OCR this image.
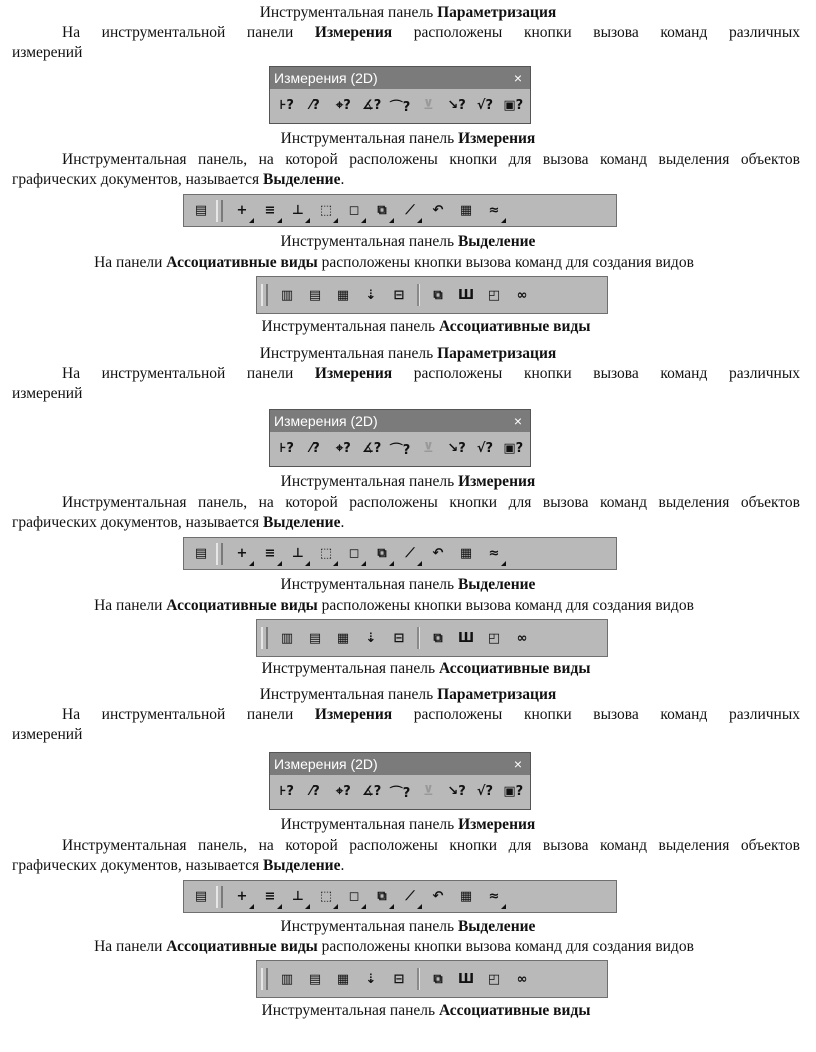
Инструментальная панель Параметризация
На инструментальной панели Измерения расположены кнопки вызова команд различных
измерений
Измерения (2D)	×
⊦?	⁄?	⌖? ∡? ⌒? ⊻	↘? √? ▣?
Инструментальная панель Измерения
Инструментальная панель, на которой расположены кнопки для вызова команд выделения объектов
графических документов, называется Выделение.
▤	+	≡	⊥	⬚	◻	⧉	⟋	↶	▦	≈
Инструментальная панель Выделение
На панели Ассоциативные виды расположены кнопки вызова команд для создания видов
▥	▤	▦	⇣	⊟	⧉	Ш	◰	∞
Инструментальная панель Ассоциативные виды
Инструментальная панель Параметризация
На инструментальной панели Измерения расположены кнопки вызова команд различных
измерений
Измерения (2D)	×
⊦?	⁄?	⌖? ∡? ⌒? ⊻	↘? √? ▣?
Инструментальная панель Измерения
Инструментальная панель, на которой расположены кнопки для вызова команд выделения объектов
графических документов, называется Выделение.
▤	+	≡	⊥	⬚	◻	⧉	⟋	↶	▦	≈
Инструментальная панель Выделение
На панели Ассоциативные виды расположены кнопки вызова команд для создания видов
▥	▤	▦	⇣	⊟	⧉	Ш	◰	∞
Инструментальная панель Ассоциативные виды
Инструментальная панель Параметризация
На инструментальной панели Измерения расположены кнопки вызова команд различных
измерений
Измерения (2D)	×
⊦?	⁄?	⌖? ∡? ⌒? ⊻	↘? √? ▣?
Инструментальная панель Измерения
Инструментальная панель, на которой расположены кнопки для вызова команд выделения объектов
графических документов, называется Выделение.
▤	+	≡	⊥	⬚	◻	⧉	⟋	↶	▦	≈
Инструментальная панель Выделение
На панели Ассоциативные виды расположены кнопки вызова команд для создания видов
▥	▤	▦	⇣	⊟	⧉	Ш	◰	∞
Инструментальная панель Ассоциативные виды
